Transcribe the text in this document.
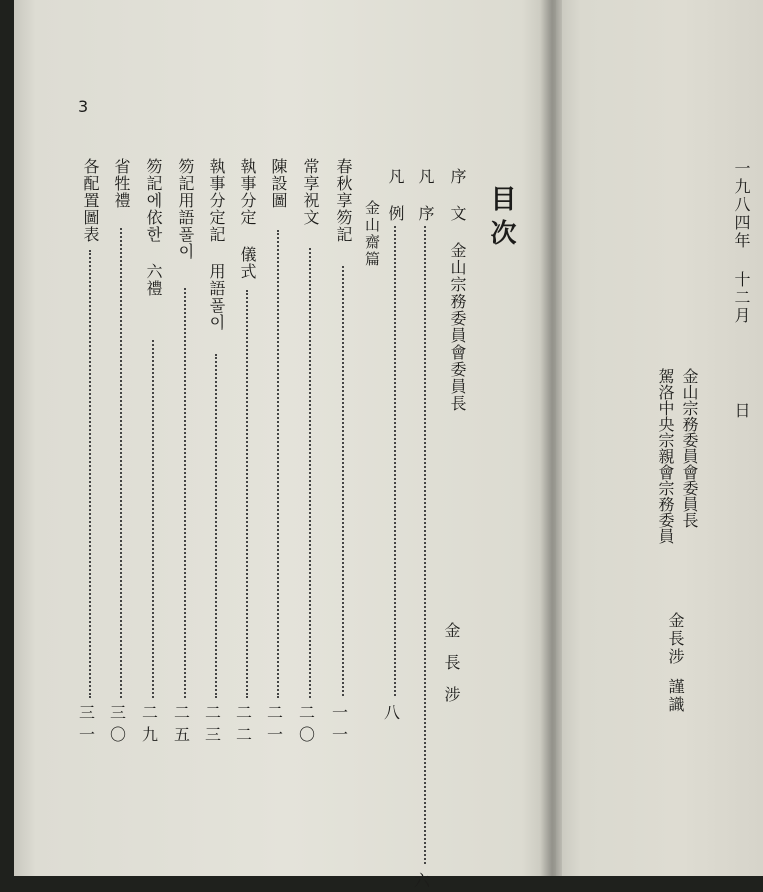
3
目次
序 文 金山宗務委員會委員長
金長涉
凡 序
六
凡 例
八
金山齋篇
春秋享笏記
一一
常享祝文
二〇
陳設圖
二一
執事分定 儀式
二二
執事分定記 用語풀이
二三
笏記用語풀이
二五
笏記에依한 六禮
二九
省牲禮
三〇
各配置圖表
三一
一九八四年 十二月
日
金山宗務委員會委員長
駕洛中央宗親會宗務委員
金長涉
謹識
